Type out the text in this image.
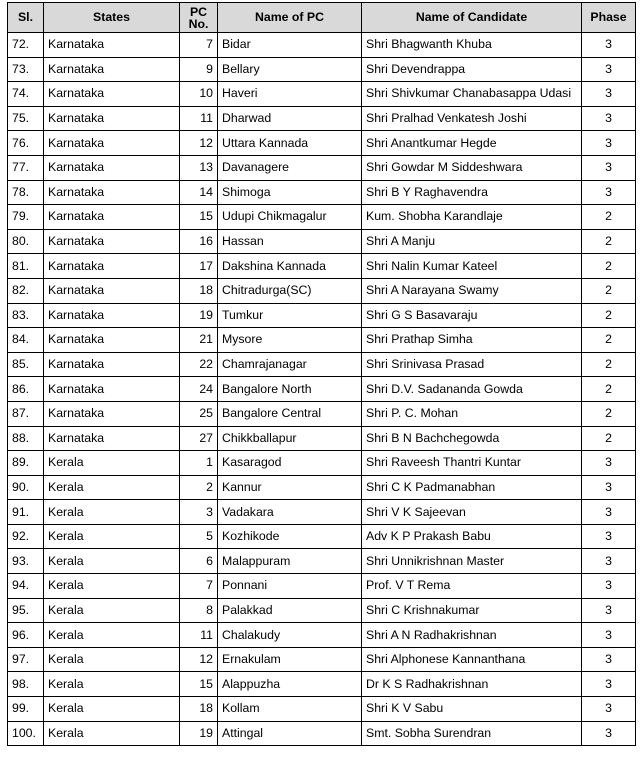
Sl.	States	PC No.	Name of PC	Name of Candidate	Phase
72.	Karnataka	7	Bidar	Shri Bhagwanth Khuba	3
73.	Karnataka	9	Bellary	Shri Devendrappa	3
74.	Karnataka	10	Haveri	Shri Shivkumar Chanabasappa Udasi	3
75.	Karnataka	11	Dharwad	Shri Pralhad Venkatesh Joshi	3
76.	Karnataka	12	Uttara Kannada	Shri Anantkumar Hegde	3
77.	Karnataka	13	Davanagere	Shri Gowdar M Siddeshwara	3
78.	Karnataka	14	Shimoga	Shri B Y Raghavendra	3
79.	Karnataka	15	Udupi Chikmagalur	Kum. Shobha Karandlaje	2
80.	Karnataka	16	Hassan	Shri A Manju	2
81.	Karnataka	17	Dakshina Kannada	Shri Nalin Kumar Kateel	2
82.	Karnataka	18	Chitradurga(SC)	Shri A Narayana Swamy	2
83.	Karnataka	19	Tumkur	Shri G S Basavaraju	2
84.	Karnataka	21	Mysore	Shri Prathap Simha	2
85.	Karnataka	22	Chamrajanagar	Shri Srinivasa Prasad	2
86.	Karnataka	24	Bangalore North	Shri D.V. Sadananda Gowda	2
87.	Karnataka	25	Bangalore Central	Shri P. C. Mohan	2
88.	Karnataka	27	Chikkballapur	Shri B N Bachchegowda	2
89.	Kerala	1	Kasaragod	Shri Raveesh Thantri Kuntar	3
90.	Kerala	2	Kannur	Shri C K Padmanabhan	3
91.	Kerala	3	Vadakara	Shri V K Sajeevan	3
92.	Kerala	5	Kozhikode	Adv K P Prakash Babu	3
93.	Kerala	6	Malappuram	Shri Unnikrishnan Master	3
94.	Kerala	7	Ponnani	Prof. V T Rema	3
95.	Kerala	8	Palakkad	Shri C Krishnakumar	3
96.	Kerala	11	Chalakudy	Shri A N Radhakrishnan	3
97.	Kerala	12	Ernakulam	Shri Alphonese Kannanthana	3
98.	Kerala	15	Alappuzha	Dr K S Radhakrishnan	3
99.	Kerala	18	Kollam	Shri K V Sabu	3
100.	Kerala	19	Attingal	Smt. Sobha Surendran	3
